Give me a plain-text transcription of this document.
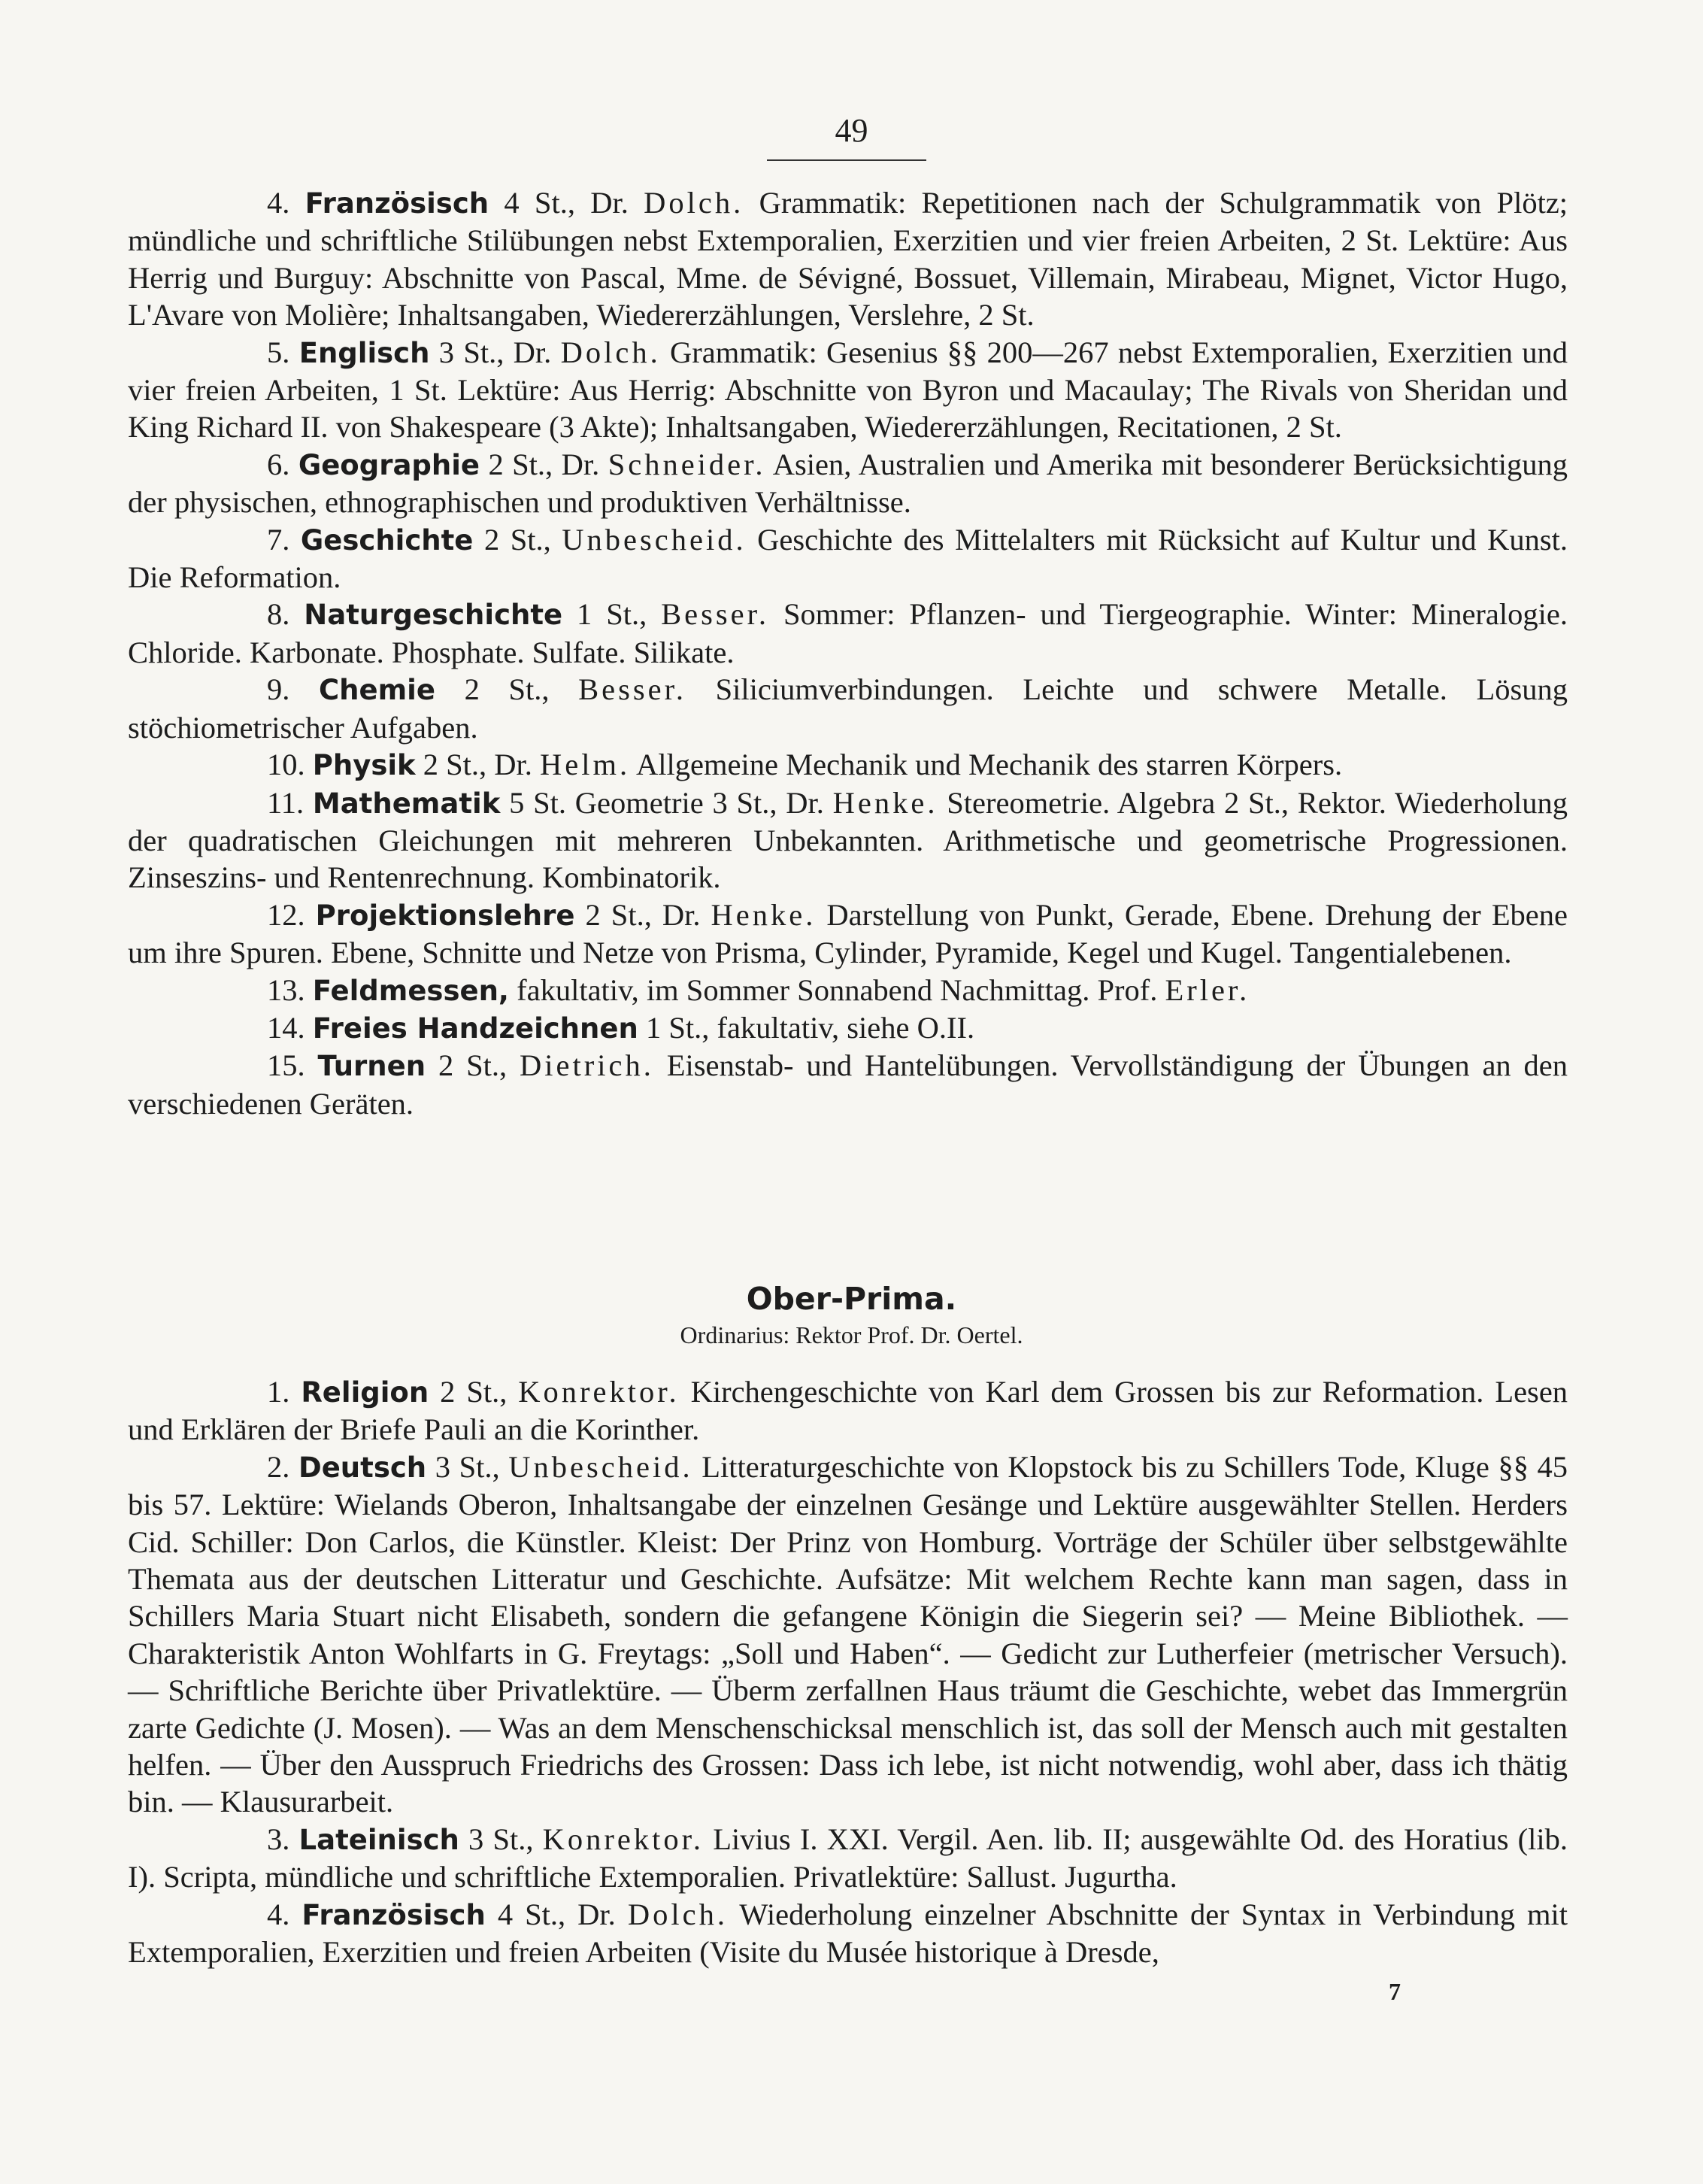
49

4. Französisch 4 St., Dr. Dolch. Grammatik: Repetitionen nach der Schulgrammatik von Plötz; mündliche und schriftliche Stilübungen nebst Extemporalien, Exerzitien und vier freien Arbeiten, 2 St. Lektüre: Aus Herrig und Burguy: Abschnitte von Pascal, Mme. de Sévigné, Bossuet, Villemain, Mirabeau, Mignet, Victor Hugo, L'Avare von Molière; Inhaltsangaben, Wiedererzählungen, Verslehre, 2 St.

5. Englisch 3 St., Dr. Dolch. Grammatik: Gesenius §§ 200—267 nebst Extemporalien, Exerzitien und vier freien Arbeiten, 1 St. Lektüre: Aus Herrig: Abschnitte von Byron und Macaulay; The Rivals von Sheridan und King Richard II. von Shakespeare (3 Akte); Inhaltsangaben, Wiedererzählungen, Recitationen, 2 St.

6. Geographie 2 St., Dr. Schneider. Asien, Australien und Amerika mit besonderer Berücksichtigung der physischen, ethnographischen und produktiven Verhältnisse.

7. Geschichte 2 St., Unbescheid. Geschichte des Mittelalters mit Rücksicht auf Kultur und Kunst. Die Reformation.

8. Naturgeschichte 1 St., Besser. Sommer: Pflanzen- und Tiergeographie. Winter: Mineralogie. Chloride. Karbonate. Phosphate. Sulfate. Silikate.

9. Chemie 2 St., Besser. Siliciumverbindungen. Leichte und schwere Metalle. Lösung stöchiometrischer Aufgaben.

10. Physik 2 St., Dr. Helm. Allgemeine Mechanik und Mechanik des starren Körpers.

11. Mathematik 5 St. Geometrie 3 St., Dr. Henke. Stereometrie. Algebra 2 St., Rektor. Wiederholung der quadratischen Gleichungen mit mehreren Unbekannten. Arithmetische und geometrische Progressionen. Zinseszins- und Rentenrechnung. Kombinatorik.

12. Projektionslehre 2 St., Dr. Henke. Darstellung von Punkt, Gerade, Ebene. Drehung der Ebene um ihre Spuren. Ebene, Schnitte und Netze von Prisma, Cylinder, Pyramide, Kegel und Kugel. Tangentialebenen.

13. Feldmessen, fakultativ, im Sommer Sonnabend Nachmittag. Prof. Erler.

14. Freies Handzeichnen 1 St., fakultativ, siehe O.II.

15. Turnen 2 St., Dietrich. Eisenstab- und Hantelübungen. Vervollständigung der Übungen an den verschiedenen Geräten.

Ober-Prima.
Ordinarius: Rektor Prof. Dr. Oertel.

1. Religion 2 St., Konrektor. Kirchengeschichte von Karl dem Grossen bis zur Reformation. Lesen und Erklären der Briefe Pauli an die Korinther.

2. Deutsch 3 St., Unbescheid. Litteraturgeschichte von Klopstock bis zu Schillers Tode, Kluge §§ 45 bis 57. Lektüre: Wielands Oberon, Inhaltsangabe der einzelnen Gesänge und Lektüre ausgewählter Stellen. Herders Cid. Schiller: Don Carlos, die Künstler. Kleist: Der Prinz von Homburg. Vorträge der Schüler über selbstgewählte Themata aus der deutschen Litteratur und Geschichte. Aufsätze: Mit welchem Rechte kann man sagen, dass in Schillers Maria Stuart nicht Elisabeth, sondern die gefangene Königin die Siegerin sei? — Meine Bibliothek. — Charakteristik Anton Wohlfarts in G. Freytags: „Soll und Haben“. — Gedicht zur Lutherfeier (metrischer Versuch). — Schriftliche Berichte über Privatlektüre. — Überm zerfallnen Haus träumt die Geschichte, webet das Immergrün zarte Gedichte (J. Mosen). — Was an dem Menschenschicksal menschlich ist, das soll der Mensch auch mit gestalten helfen. — Über den Ausspruch Friedrichs des Grossen: Dass ich lebe, ist nicht notwendig, wohl aber, dass ich thätig bin. — Klausurarbeit.

3. Lateinisch 3 St., Konrektor. Livius I. XXI. Vergil. Aen. lib. II; ausgewählte Od. des Horatius (lib. I). Scripta, mündliche und schriftliche Extemporalien. Privatlektüre: Sallust. Jugurtha.

4. Französisch 4 St., Dr. Dolch. Wiederholung einzelner Abschnitte der Syntax in Verbindung mit Extemporalien, Exerzitien und freien Arbeiten (Visite du Musée historique à Dresde,

7
